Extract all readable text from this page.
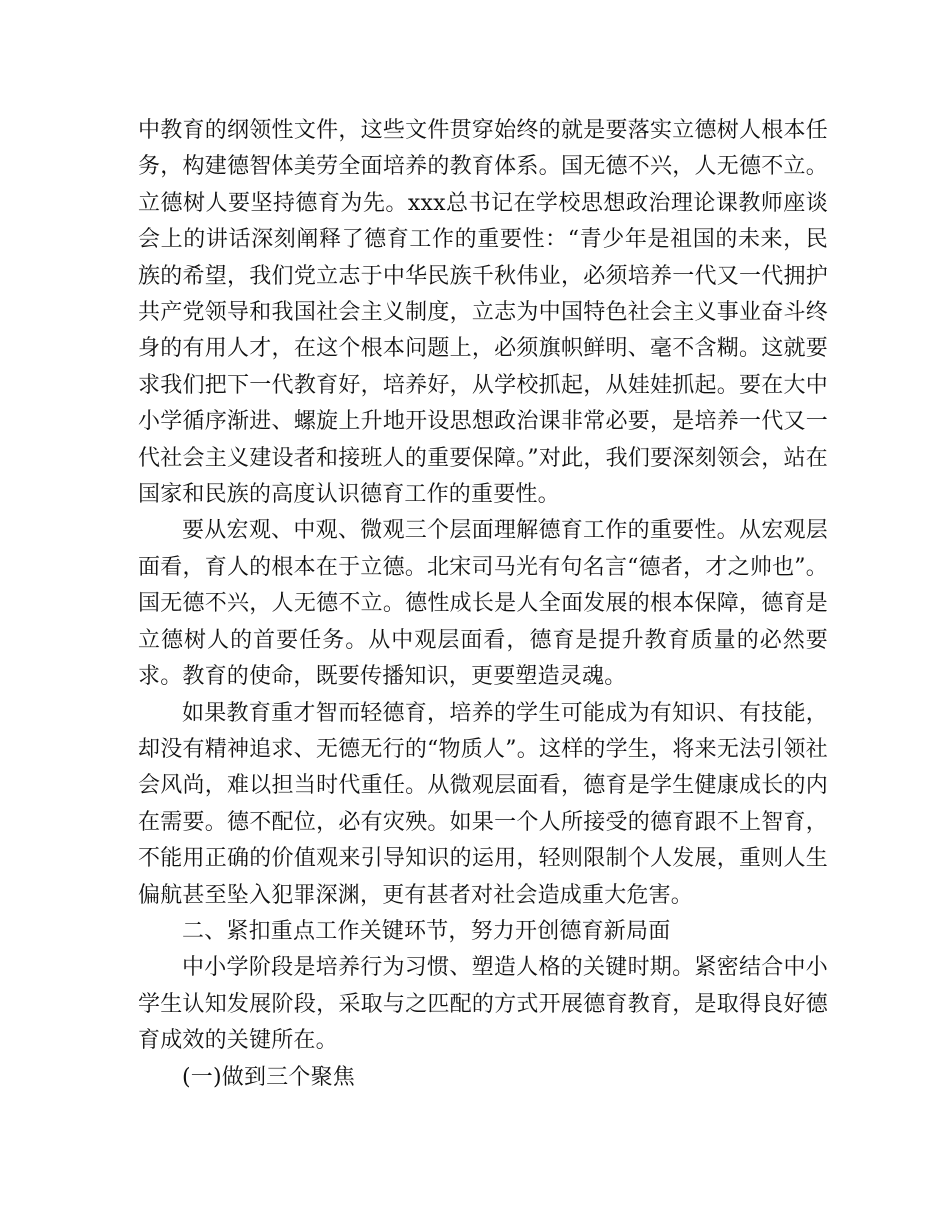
中教育的纲领性文件，这些文件贯穿始终的就是要落实立德树人根本任务，构建德智体美劳全面培养的教育体系。国无德不兴，人无德不立。立德树人要坚持德育为先。xxx总书记在学校思想政治理论课教师座谈会上的讲话深刻阐释了德育工作的重要性：“青少年是祖国的未来，民族的希望，我们党立志于中华民族千秋伟业，必须培养一代又一代拥护共产党领导和我国社会主义制度，立志为中国特色社会主义事业奋斗终身的有用人才，在这个根本问题上，必须旗帜鲜明、毫不含糊。这就要求我们把下一代教育好，培养好，从学校抓起，从娃娃抓起。要在大中小学循序渐进、螺旋上升地开设思想政治课非常必要，是培养一代又一代社会主义建设者和接班人的重要保障。”对此，我们要深刻领会，站在国家和民族的高度认识德育工作的重要性。

要从宏观、中观、微观三个层面理解德育工作的重要性。从宏观层面看，育人的根本在于立德。北宋司马光有句名言“德者，才之帅也”。国无德不兴，人无德不立。德性成长是人全面发展的根本保障，德育是立德树人的首要任务。从中观层面看，德育是提升教育质量的必然要求。教育的使命，既要传播知识，更要塑造灵魂。

如果教育重才智而轻德育，培养的学生可能成为有知识、有技能，却没有精神追求、无德无行的“物质人”。这样的学生，将来无法引领社会风尚，难以担当时代重任。从微观层面看，德育是学生健康成长的内在需要。德不配位，必有灾殃。如果一个人所接受的德育跟不上智育，不能用正确的价值观来引导知识的运用，轻则限制个人发展，重则人生偏航甚至坠入犯罪深渊，更有甚者对社会造成重大危害。

二、紧扣重点工作关键环节，努力开创德育新局面

中小学阶段是培养行为习惯、塑造人格的关键时期。紧密结合中小学生认知发展阶段，采取与之匹配的方式开展德育教育，是取得良好德育成效的关键所在。

(一)做到三个聚焦
